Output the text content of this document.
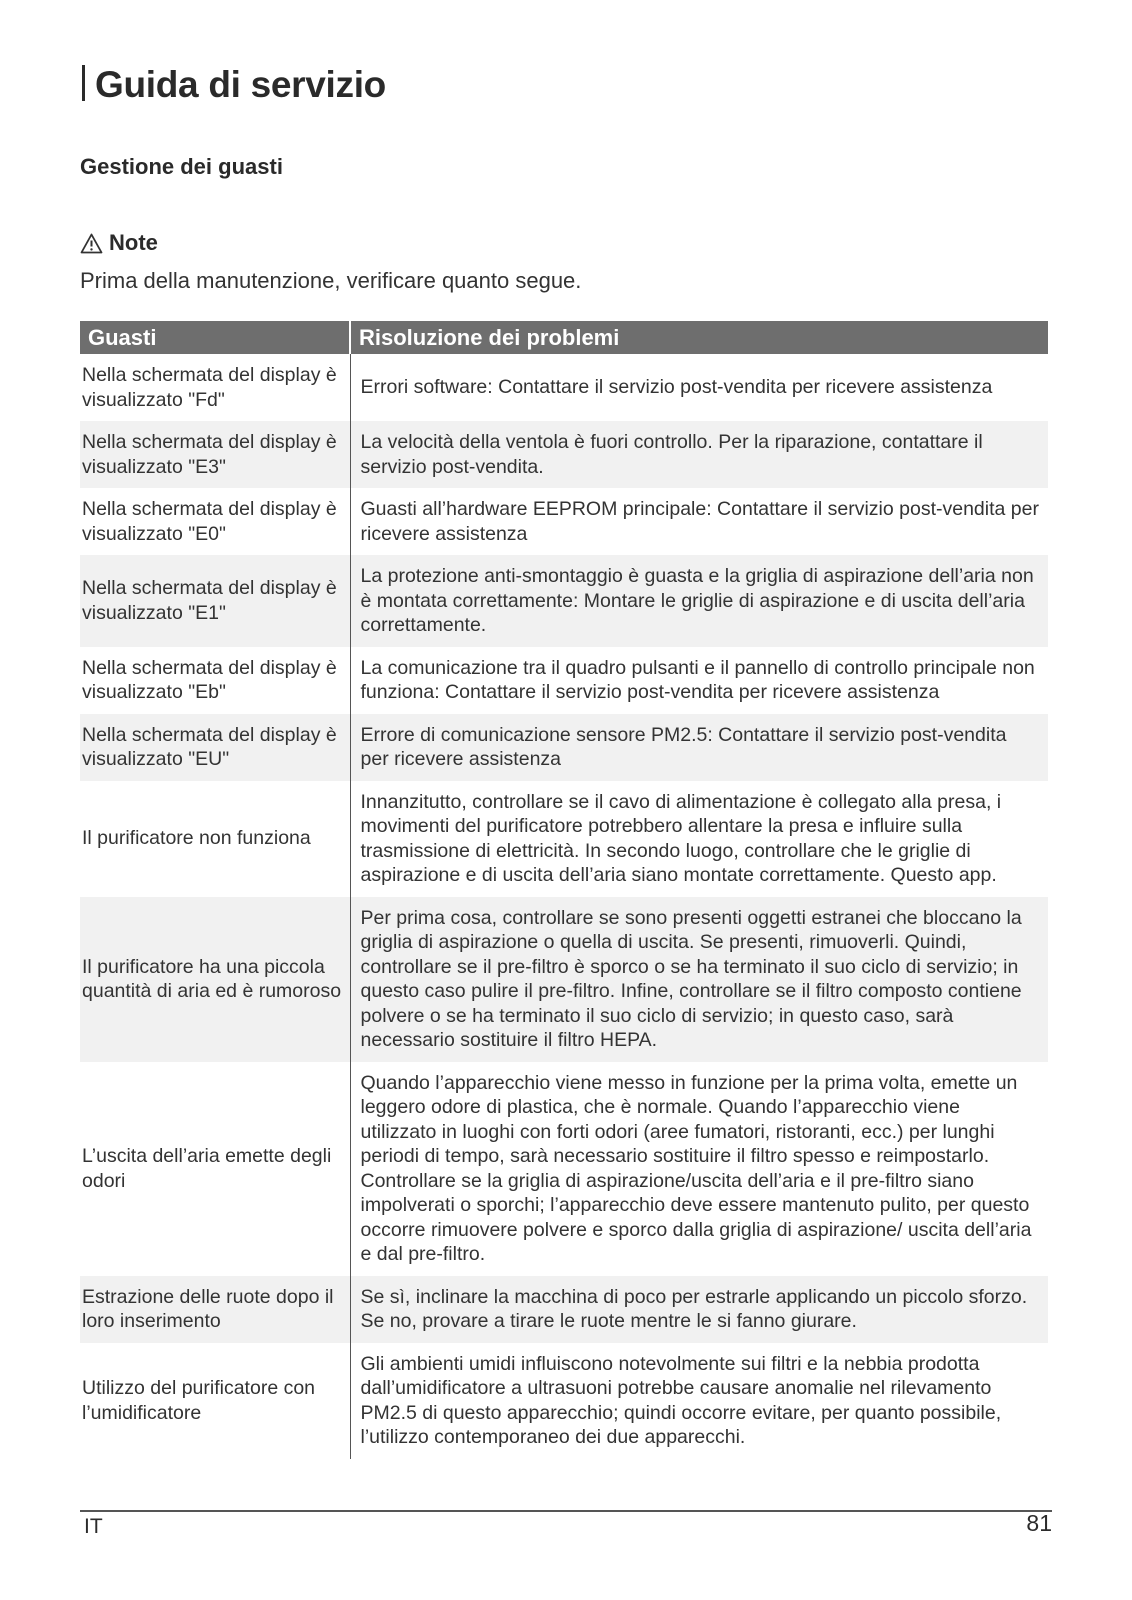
Guida di servizio
Gestione dei guasti
Note

Prima della manutenzione, verificare quanto segue.

Guasti	Risoluzione dei problemi
Nella schermata del display è visualizzato "Fd"	Errori software: Contattare il servizio post-vendita per ricevere assistenza
Nella schermata del display è visualizzato "E3"	La velocità della ventola è fuori controllo. Per la riparazione, contattare il servizio post-vendita.
Nella schermata del display è visualizzato "E0"	Guasti all’hardware EEPROM principale: Contattare il servizio post-vendita per ricevere assistenza
Nella schermata del display è visualizzato "E1"	La protezione anti-smontaggio è guasta e la griglia di aspirazione dell’aria non è montata correttamente: Montare le griglie di aspirazione e di uscita dell’aria correttamente.
Nella schermata del display è visualizzato "Eb"	La comunicazione tra il quadro pulsanti e il pannello di controllo principale non funziona: Contattare il servizio post-vendita per ricevere assistenza
Nella schermata del display è visualizzato "EU"	Errore di comunicazione sensore PM2.5: Contattare il servizio post-vendita per ricevere assistenza
Il purificatore non funziona	Innanzitutto, controllare se il cavo di alimentazione è collegato alla presa, i movimenti del purificatore potrebbero allentare la presa e influire sulla trasmissione di elettricità. In secondo luogo, controllare che le griglie di aspirazione e di uscita dell’aria siano montate correttamente. Questo app.
Il purificatore ha una piccola quantità di aria ed è rumoroso	Per prima cosa, controllare se sono presenti oggetti estranei che bloccano la griglia di aspirazione o quella di uscita. Se presenti, rimuoverli. Quindi, controllare se il pre-filtro è sporco o se ha terminato il suo ciclo di servizio; in questo caso pulire il pre-filtro. Infine, controllare se il filtro composto contiene polvere o se ha terminato il suo ciclo di servizio; in questo caso, sarà necessario sostituire il filtro HEPA.
L’uscita dell’aria emette degli odori	Quando l’apparecchio viene messo in funzione per la prima volta, emette un leggero odore di plastica, che è normale. Quando l’apparecchio viene utilizzato in luoghi con forti odori (aree fumatori, ristoranti, ecc.) per lunghi periodi di tempo, sarà necessario sostituire il filtro spesso e reimpostarlo. Controllare se la griglia di aspirazione/uscita dell’aria e il pre-filtro siano impolverati o sporchi; l’apparecchio deve essere mantenuto pulito, per questo occorre rimuovere polvere e sporco dalla griglia di aspirazione/ uscita dell’aria e dal pre-filtro.
Estrazione delle ruote dopo il loro inserimento	Se sì, inclinare la macchina di poco per estrarle applicando un piccolo sforzo. Se no, provare a tirare le ruote mentre le si fanno giurare.
Utilizzo del purificatore con l’umidificatore	Gli ambienti umidi influiscono notevolmente sui filtri e la nebbia prodotta dall’umidificatore a ultrasuoni potrebbe causare anomalie nel rilevamento PM2.5 di questo apparecchio; quindi occorre evitare, per quanto possibile, l’utilizzo contemporaneo dei due apparecchi.
IT	81
